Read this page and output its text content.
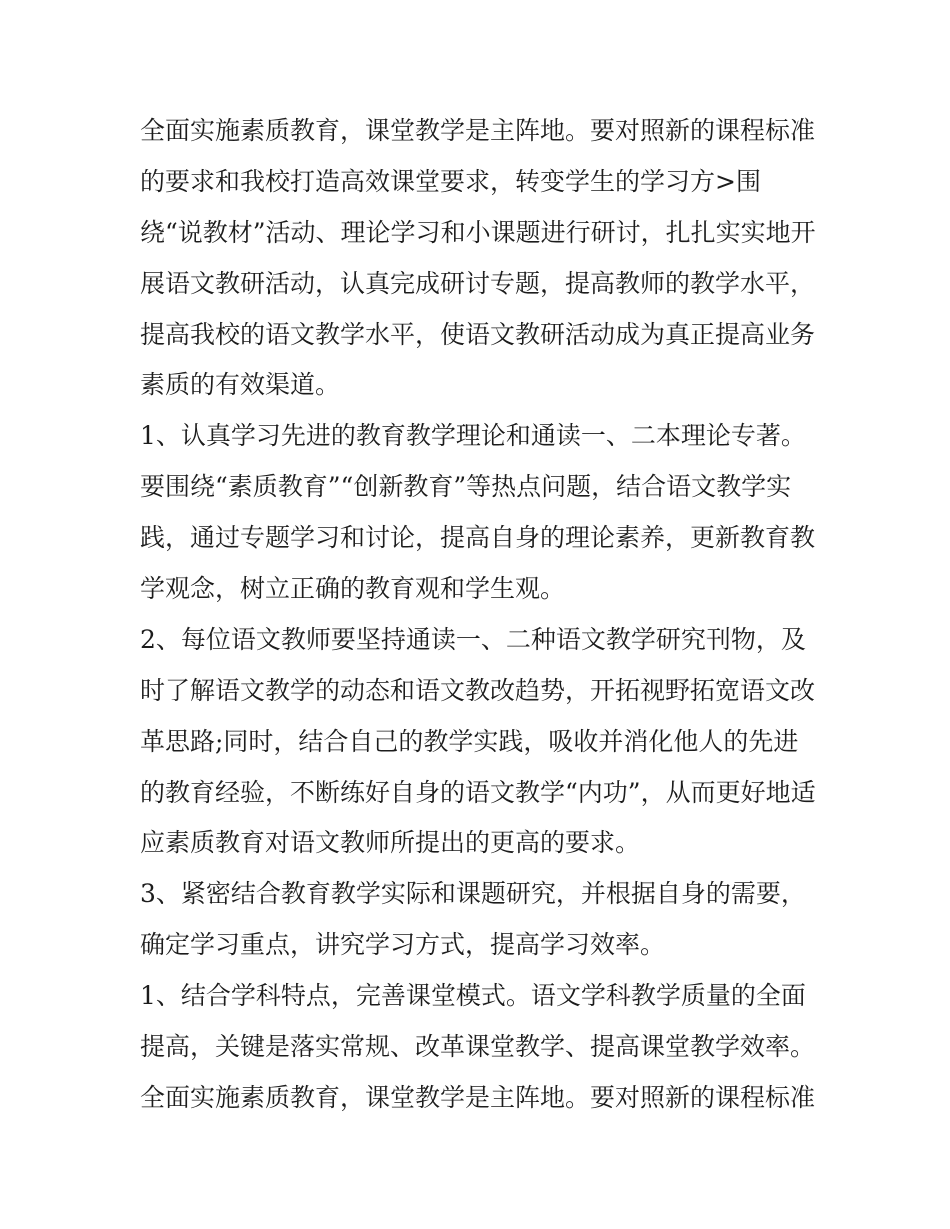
全面实施素质教育，课堂教学是主阵地。要对照新的课程标准
的要求和我校打造高效课堂要求，转变学生的学习方>围
绕“说教材”活动、理论学习和小课题进行研讨，扎扎实实地开
展语文教研活动，认真完成研讨专题，提高教师的教学水平，
提高我校的语文教学水平，使语文教研活动成为真正提高业务
素质的有效渠道。
1、认真学习先进的教育教学理论和通读一、二本理论专著。
要围绕“素质教育”“创新教育”等热点问题，结合语文教学实
践，通过专题学习和讨论，提高自身的理论素养，更新教育教
学观念，树立正确的教育观和学生观。
2、每位语文教师要坚持通读一、二种语文教学研究刊物，及
时了解语文教学的动态和语文教改趋势，开拓视野拓宽语文改
革思路;同时，结合自己的教学实践，吸收并消化他人的先进
的教育经验，不断练好自身的语文教学“内功”，从而更好地适
应素质教育对语文教师所提出的更高的要求。
3、紧密结合教育教学实际和课题研究，并根据自身的需要，
确定学习重点，讲究学习方式，提高学习效率。
1、结合学科特点，完善课堂模式。语文学科教学质量的全面
提高，关键是落实常规、改革课堂教学、提高课堂教学效率。
全面实施素质教育，课堂教学是主阵地。要对照新的课程标准
